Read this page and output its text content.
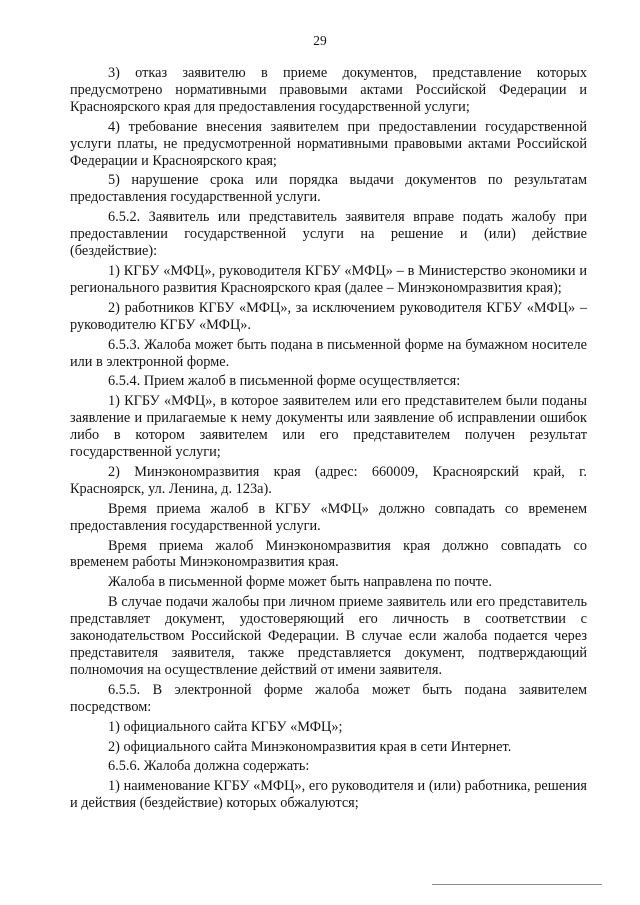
29

3) отказ заявителю в приеме документов, представление которых предусмотрено нормативными правовыми актами Российской Федерации и Красноярского края для предоставления государственной услуги;

4) требование внесения заявителем при предоставлении государственной услуги платы, не предусмотренной нормативными правовыми актами Российской Федерации и Красноярского края;

5) нарушение срока или порядка выдачи документов по результатам предоставления государственной услуги.

6.5.2. Заявитель или представитель заявителя вправе подать жалобу при предоставлении государственной услуги на решение и (или) действие (бездействие):

1) КГБУ «МФЦ», руководителя КГБУ «МФЦ» – в Министерство экономики и регионального развития Красноярского края (далее – Минэкономразвития края);

2) работников КГБУ «МФЦ», за исключением руководителя КГБУ «МФЦ» – руководителю КГБУ «МФЦ».

6.5.3. Жалоба может быть подана в письменной форме на бумажном носителе или в электронной форме.

6.5.4. Прием жалоб в письменной форме осуществляется:

1) КГБУ «МФЦ», в которое заявителем или его представителем были поданы заявление и прилагаемые к нему документы или заявление об исправлении ошибок либо в котором заявителем или его представителем получен результат государственной услуги;

2) Минэкономразвития края (адрес: 660009, Красноярский край, г. Красноярск, ул. Ленина, д. 123а).

Время приема жалоб в КГБУ «МФЦ» должно совпадать со временем предоставления государственной услуги.

Время приема жалоб Минэкономразвития края должно совпадать со временем работы Минэкономразвития края.

Жалоба в письменной форме может быть направлена по почте.

В случае подачи жалобы при личном приеме заявитель или его представитель представляет документ, удостоверяющий его личность в соответствии с законодательством Российской Федерации. В случае если жалоба подается через представителя заявителя, также представляется документ, подтверждающий полномочия на осуществление действий от имени заявителя.

6.5.5. В электронной форме жалоба может быть подана заявителем посредством:

1) официального сайта КГБУ «МФЦ»;

2) официального сайта Минэкономразвития края в сети Интернет.

6.5.6. Жалоба должна содержать:

1) наименование КГБУ «МФЦ», его руководителя и (или) работника, решения и действия (бездействие) которых обжалуются;
